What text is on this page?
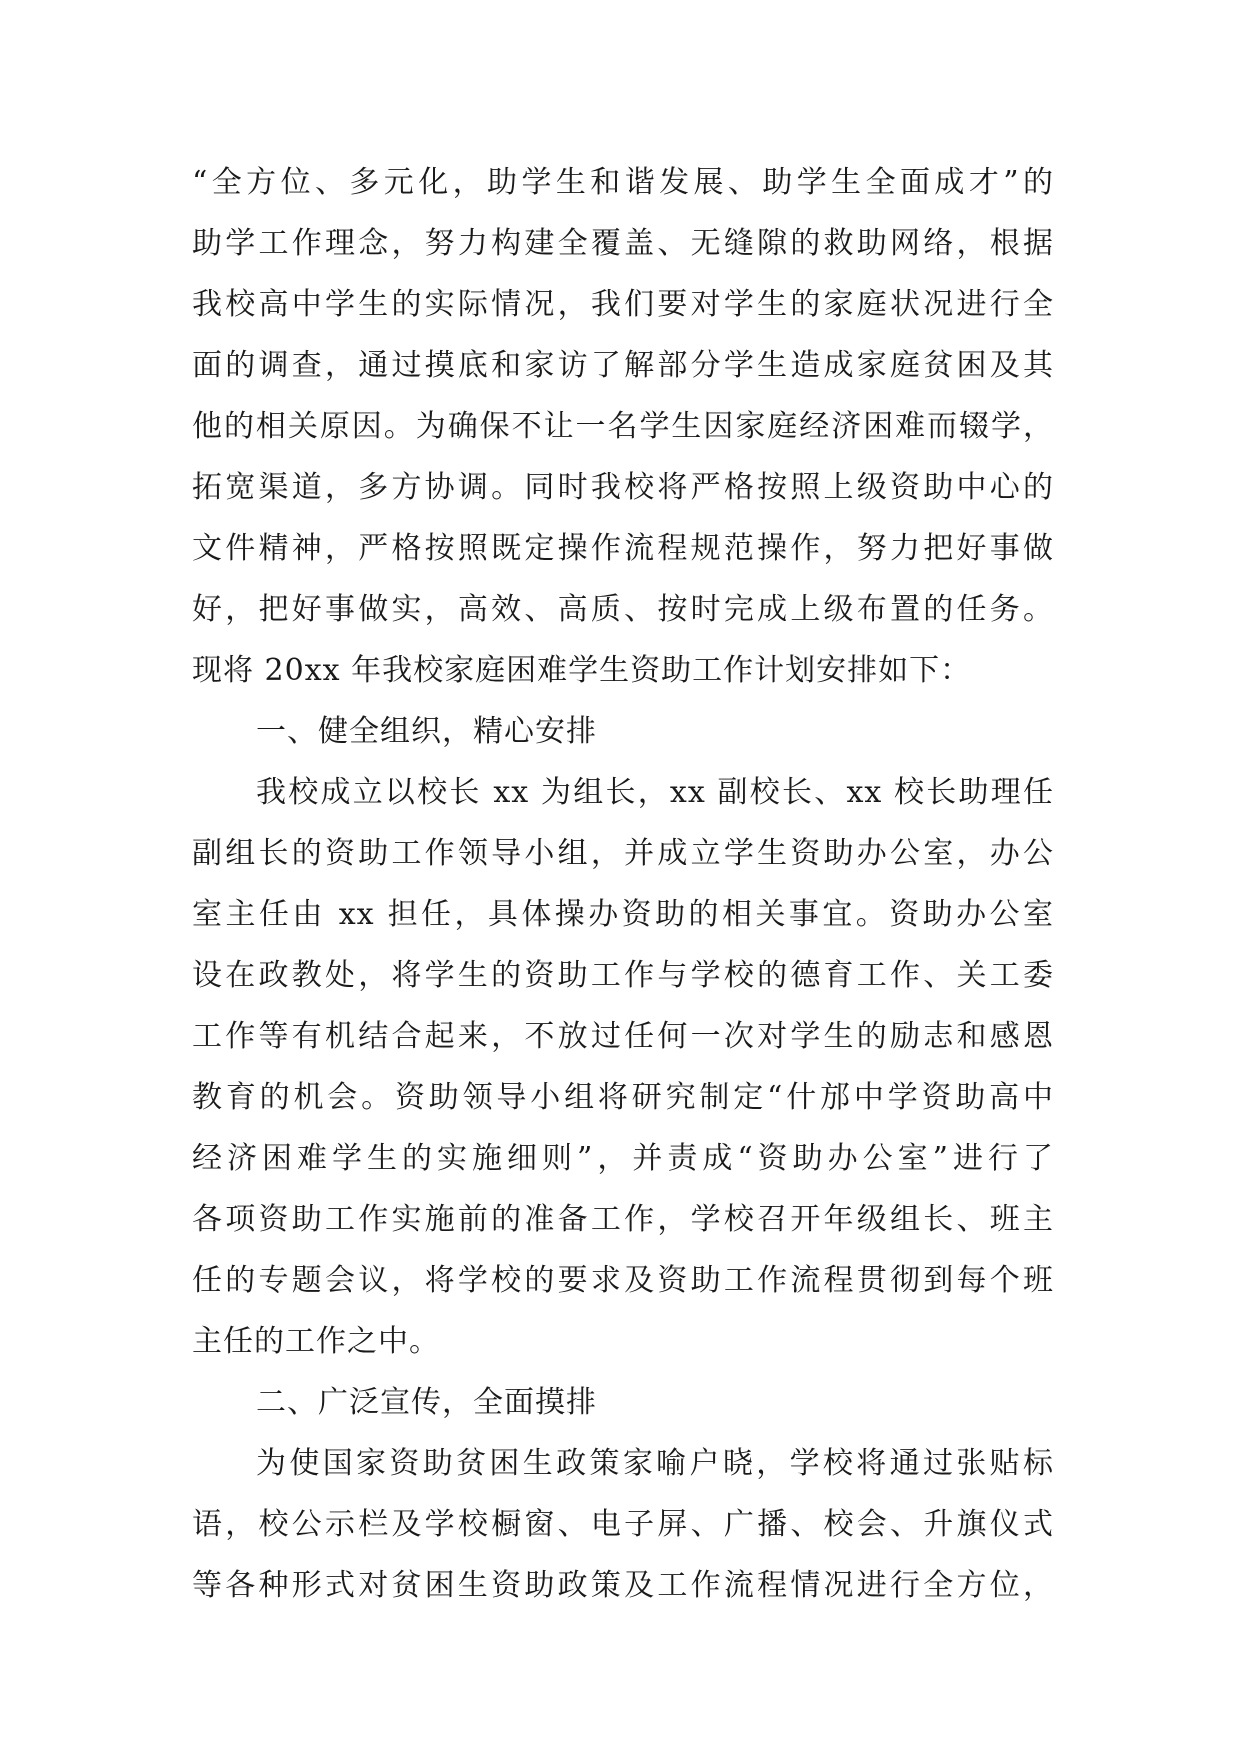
“全方位、多元化，助学生和谐发展、助学生全面成才”的
助学工作理念，努力构建全覆盖、无缝隙的救助网络，根据
我校高中学生的实际情况，我们要对学生的家庭状况进行全
面的调查，通过摸底和家访了解部分学生造成家庭贫困及其
他的相关原因。为确保不让一名学生因家庭经济困难而辍学，
拓宽渠道，多方协调。同时我校将严格按照上级资助中心的
文件精神，严格按照既定操作流程规范操作，努力把好事做
好，把好事做实，高效、高质、按时完成上级布置的任务。
现将 20xx 年我校家庭困难学生资助工作计划安排如下：
一、健全组织，精心安排
我校成立以校长 xx 为组长，xx 副校长、xx 校长助理任
副组长的资助工作领导小组，并成立学生资助办公室，办公
室主任由 xx 担任，具体操办资助的相关事宜。资助办公室
设在政教处，将学生的资助工作与学校的德育工作、关工委
工作等有机结合起来，不放过任何一次对学生的励志和感恩
教育的机会。资助领导小组将研究制定“什邡中学资助高中
经济困难学生的实施细则”，并责成“资助办公室”进行了
各项资助工作实施前的准备工作，学校召开年级组长、班主
任的专题会议，将学校的要求及资助工作流程贯彻到每个班
主任的工作之中。
二、广泛宣传，全面摸排
为使国家资助贫困生政策家喻户晓，学校将通过张贴标
语，校公示栏及学校橱窗、电子屏、广播、校会、升旗仪式
等各种形式对贫困生资助政策及工作流程情况进行全方位，
